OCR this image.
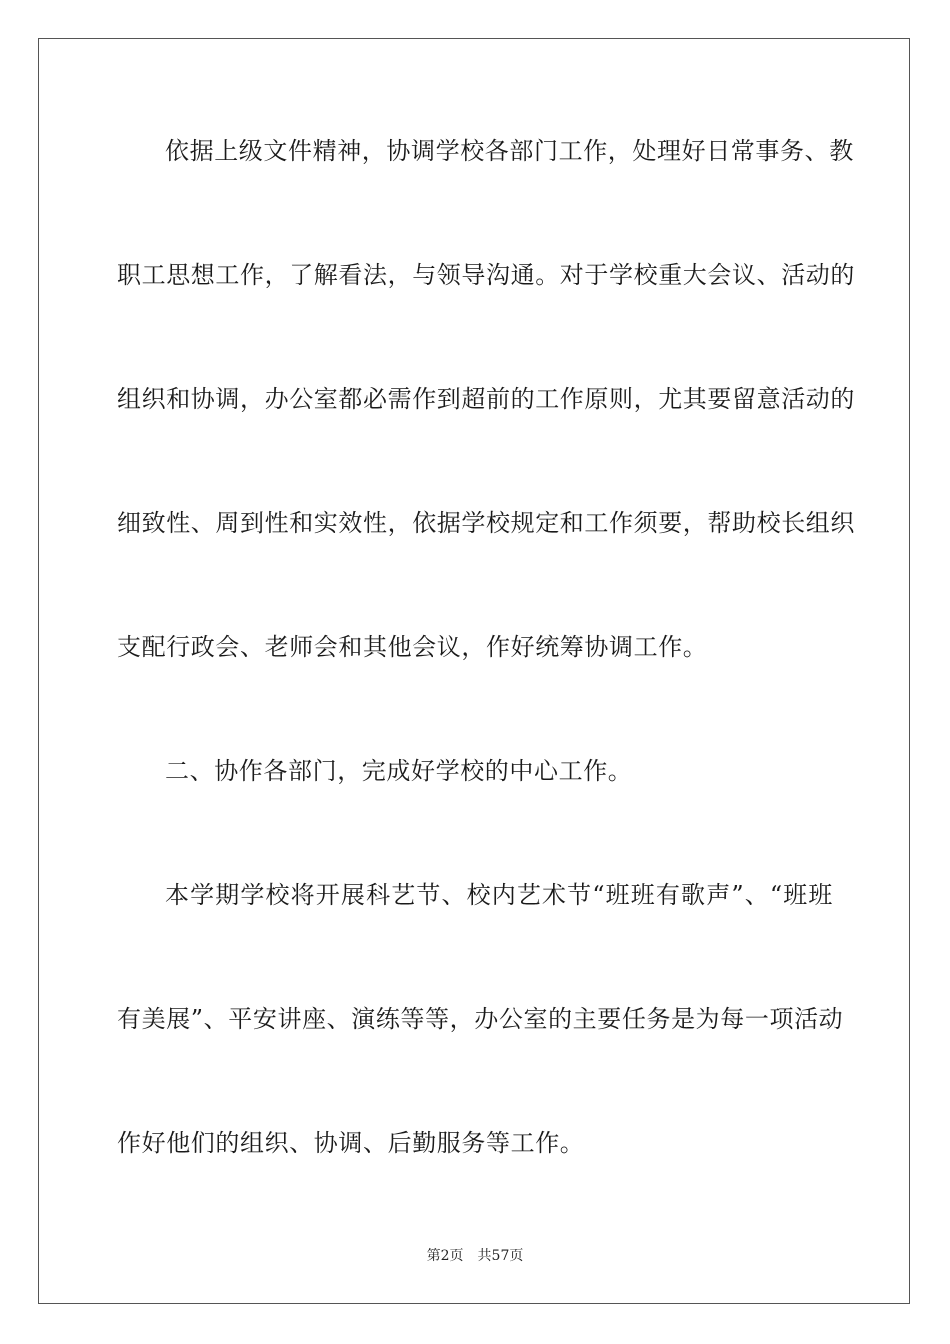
依据上级文件精神，协调学校各部门工作，处理好日常事务、教
职工思想工作，了解看法，与领导沟通。对于学校重大会议、活动的
组织和协调，办公室都必需作到超前的工作原则，尤其要留意活动的
细致性、周到性和实效性，依据学校规定和工作须要，帮助校长组织
支配行政会、老师会和其他会议，作好统筹协调工作。
二、协作各部门，完成好学校的中心工作。
本学期学校将开展科艺节、校内艺术节“班班有歌声”、“班班
有美展”、平安讲座、演练等等，办公室的主要任务是为每一项活动
作好他们的组织、协调、后勤服务等工作。
第2页 共57页
